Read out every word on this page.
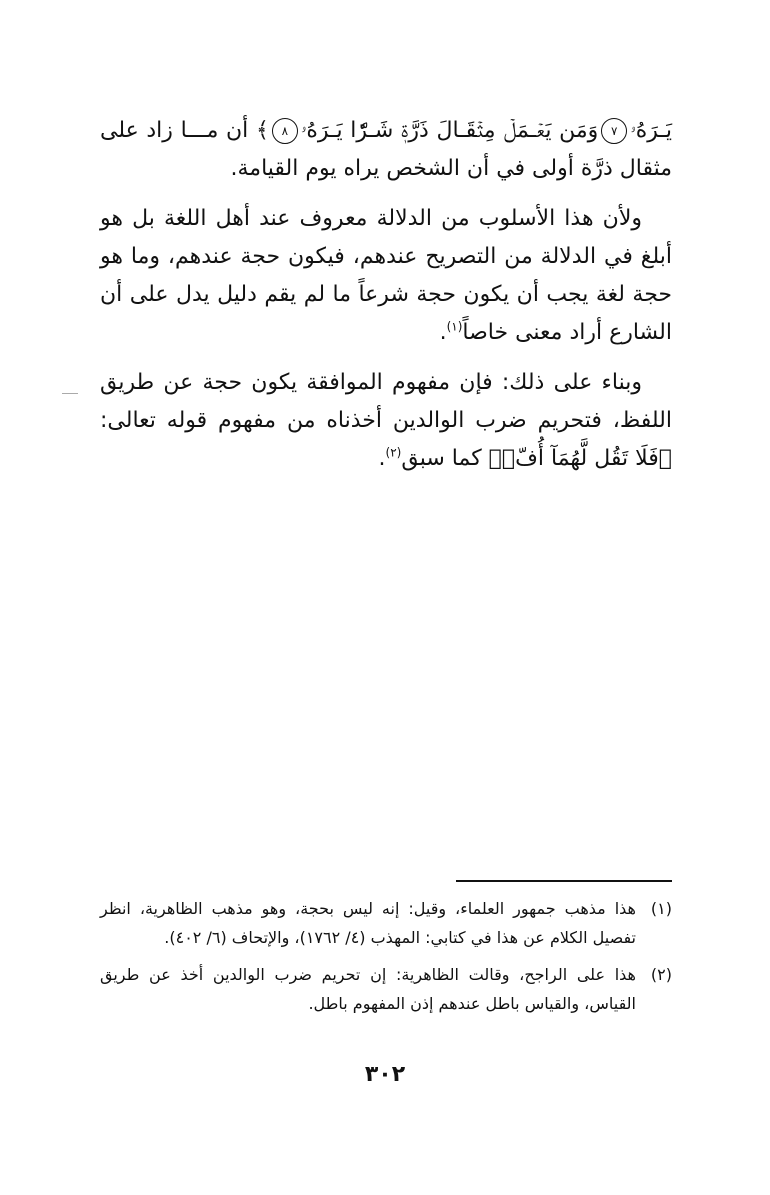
يَـرَهُۥ٧وَمَن يَعۡـمَلۡ مِثۡقَـالَ ذَرَّةٖ شَـرّٗا يَـرَهُۥ٨﴾ أن مـــا زاد على مثقال ذرَّة أولى في أن الشخص يراه يوم القيامة.

ولأن هذا الأسلوب من الدلالة معروف عند أهل اللغة بل هو أبلغ في الدلالة من التصريح عندهم، فيكون حجة عندهم، وما هو حجة لغة يجب أن يكون حجة شرعاً ما لم يقم دليل يدل على أن الشارع أراد معنى خاصاً$^{(١)}$.

وبناء على ذلك: فإن مفهوم الموافقة يكون حجة عن طريق اللفظ، فتحريم ضرب الوالدين أخذناه من مفهوم قوله تعالى: ﴿فَلَا تَقُل لَّهُمَآ أُفّٖ﴾ كما سبق$^{(٢)}$.

(١)
هذا مذهب جمهور العلماء، وقيل: إنه ليس بحجة، وهو مذهب الظاهرية، انظر تفصيل الكلام عن هذا في كتابي: المهذب (٤/ ١٧٦٢)، والإتحاف (٦/ ٤٠٢).
(٢)
هذا على الراجح، وقالت الظاهرية: إن تحريم ضرب الوالدين أخذ عن طريق القياس، والقياس باطل عندهم إذن المفهوم باطل.
٣٠٢
